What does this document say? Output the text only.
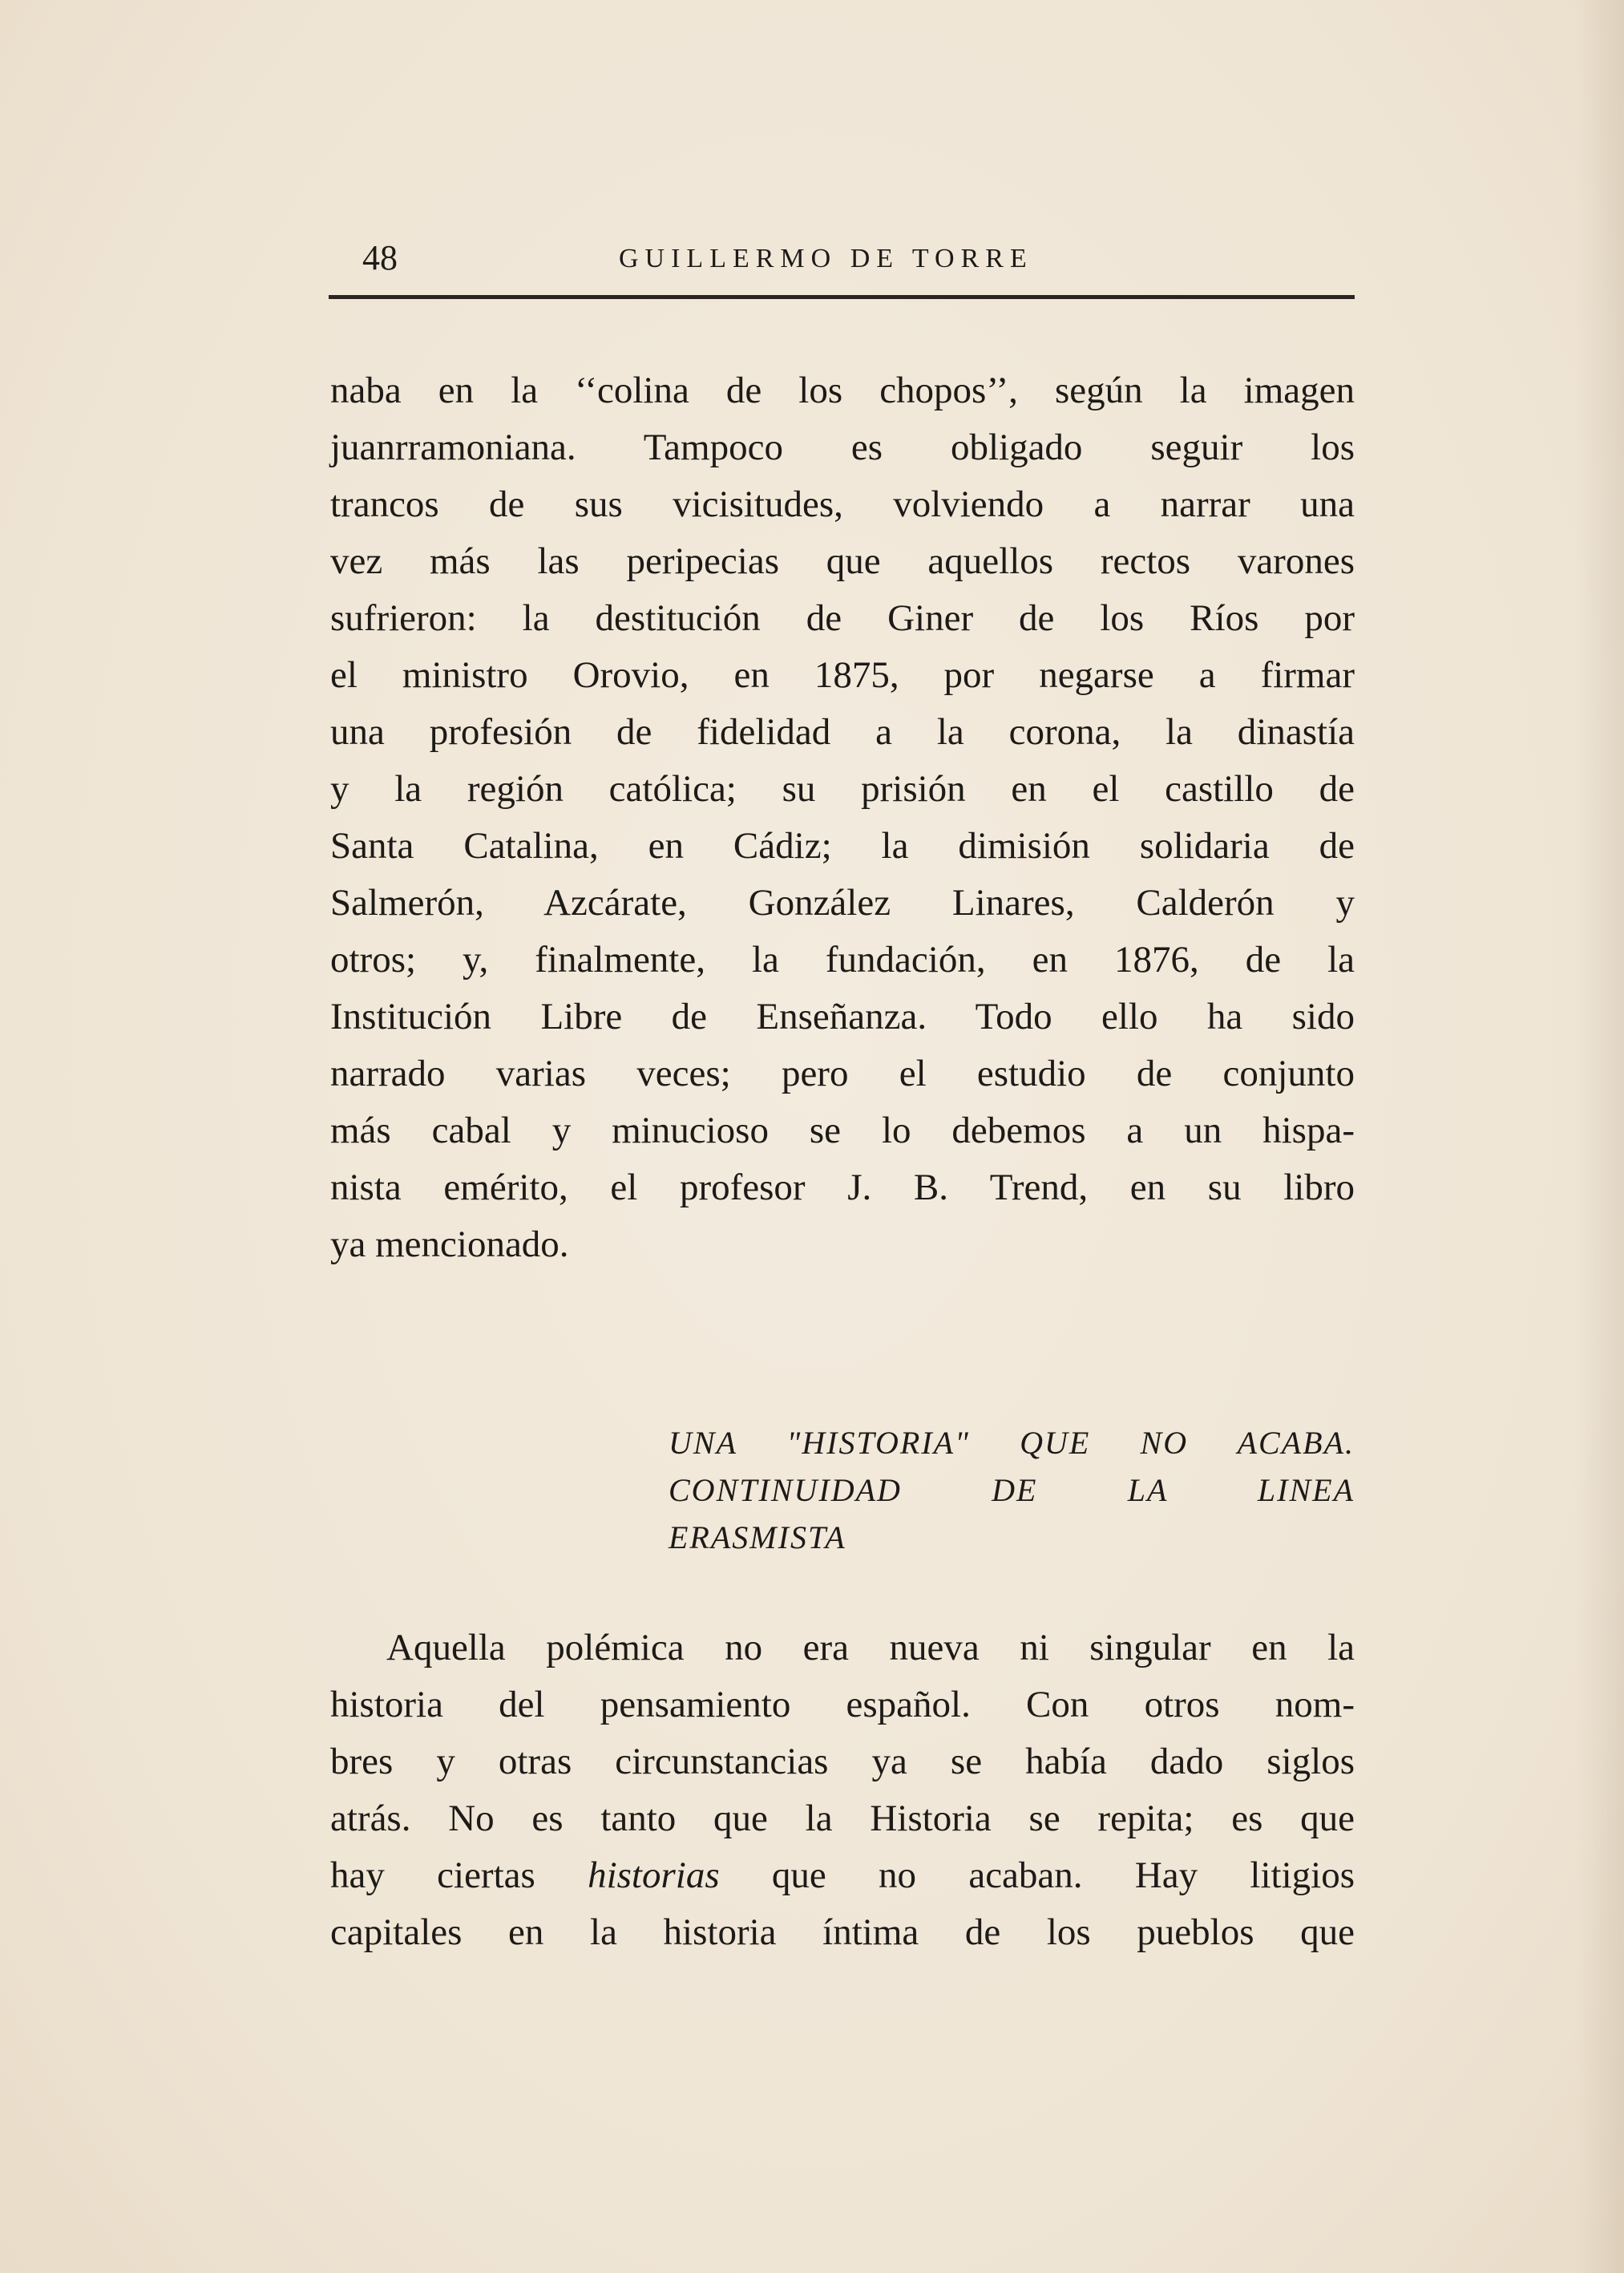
48	GUILLERMO DE TORRE
naba en la ‘‘colina de los chopos’’, según la imagen
juanrramoniana. Tampoco es obligado seguir los
trancos de sus vicisitudes, volviendo a narrar una
vez más las peripecias que aquellos rectos varones
sufrieron: la destitución de Giner de los Ríos por
el ministro Orovio, en 1875, por negarse a firmar
una profesión de fidelidad a la corona, la dinastía
y la región católica; su prisión en el castillo de
Santa Catalina, en Cádiz; la dimisión solidaria de
Salmerón, Azcárate, González Linares, Calderón y
otros; y, finalmente, la fundación, en 1876, de la
Institución Libre de Enseñanza. Todo ello ha sido
narrado varias veces; pero el estudio de conjunto
más cabal y minucioso se lo debemos a un hispa-
nista emérito, el profesor J. B. Trend, en su libro
ya mencionado.
UNA "HISTORIA" QUE NO ACABA.
CONTINUIDAD DE LA LINEA
ERASMISTA
Aquella polémica no era nueva ni singular en la
historia del pensamiento español. Con otros nom-
bres y otras circunstancias ya se había dado siglos
atrás. No es tanto que la Historia se repita; es que
hay ciertas historias que no acaban. Hay litigios
capitales en la historia íntima de los pueblos que
